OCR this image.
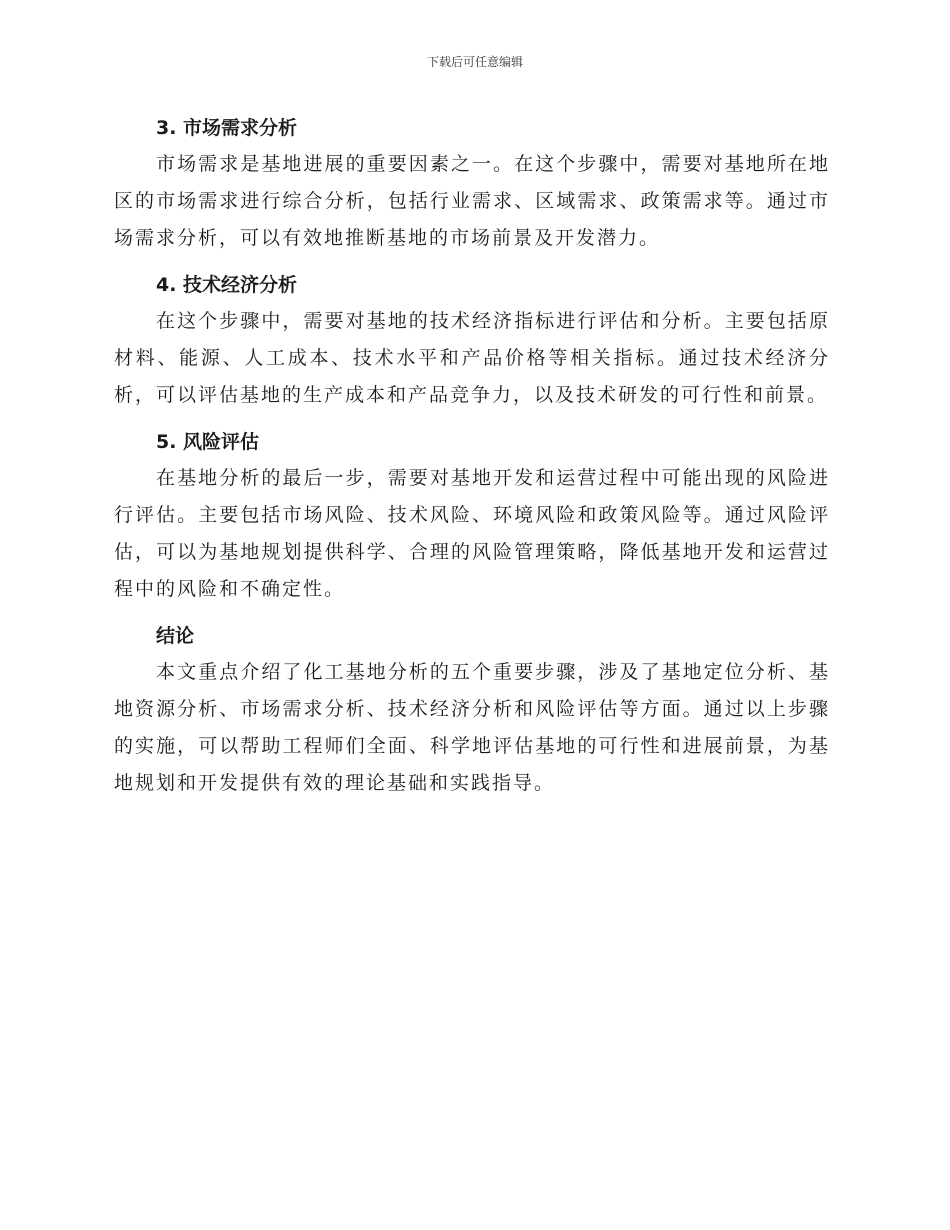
下载后可任意编辑
3. 市场需求分析

市场需求是基地进展的重要因素之一。在这个步骤中，需要对基地所在地区的市场需求进行综合分析，包括行业需求、区域需求、政策需求等。通过市场需求分析，可以有效地推断基地的市场前景及开发潜力。

4. 技术经济分析

在这个步骤中，需要对基地的技术经济指标进行评估和分析。主要包括原材料、能源、人工成本、技术水平和产品价格等相关指标。通过技术经济分析，可以评估基地的生产成本和产品竞争力，以及技术研发的可行性和前景。

5. 风险评估

在基地分析的最后一步，需要对基地开发和运营过程中可能出现的风险进行评估。主要包括市场风险、技术风险、环境风险和政策风险等。通过风险评估，可以为基地规划提供科学、合理的风险管理策略，降低基地开发和运营过程中的风险和不确定性。

结论

本文重点介绍了化工基地分析的五个重要步骤，涉及了基地定位分析、基地资源分析、市场需求分析、技术经济分析和风险评估等方面。通过以上步骤的实施，可以帮助工程师们全面、科学地评估基地的可行性和进展前景，为基地规划和开发提供有效的理论基础和实践指导。
